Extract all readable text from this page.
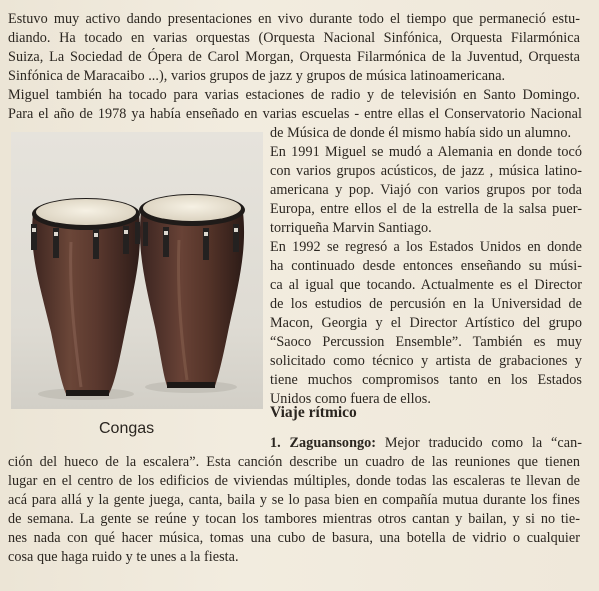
Estuvo muy activo dando presentaciones en vivo durante todo el tiempo que permaneció estu-
diando. Ha tocado en varias orquestas (Orquesta Nacional Sinfónica, Orquesta Filarmónica
Suiza, La Sociedad de Ópera de Carol Morgan, Orquesta Filarmónica de la Juventud, Orquesta
Sinfónica de Maracaibo ...), varios grupos de jazz y grupos de música latinoamericana.
Miguel también ha tocado para varias estaciones de radio y de televisión en Santo Domingo.
Para el año de 1978 ya había enseñado en varias escuelas - entre ellas el Conservatorio Nacional
de Música de donde él mismo había sido un alumno.
En 1991 Miguel se mudó a Alemania en donde tocó
con varios grupos acústicos, de jazz , música latino-
americana y pop. Viajó con varios grupos por toda
Europa, entre ellos el de la estrella de la salsa puer-
torriqueña Marvin Santiago.
En 1992 se regresó a los Estados Unidos en donde
ha continuado desde entonces enseñando su músi-
ca al igual que tocando. Actualmente es el Director
de los estudios de percusión en la Universidad de
Macon, Georgia y el Director Artístico del grupo
“Saoco Percussion Ensemble”. También es muy
solicitado como técnico y artista de grabaciones y
tiene muchos compromisos tanto en los Estados
Unidos como fuera de ellos.
Congas
Viaje rítmico
1. Zaguansongo: Mejor traducido como la “can-
ción del hueco de la escalera”. Esta canción describe un cuadro de las reuniones que tienen
lugar en el centro de los edificios de viviendas múltiples, donde todas las escaleras te llevan de
acá para allá y la gente juega, canta, baila y se lo pasa bien en compañía mutua durante los fines
de semana. La gente se reúne y tocan los tambores mientras otros cantan y bailan, y si no tie-
nes nada con qué hacer música, tomas una cubo de basura, una botella de vidrio o cualquier
cosa que haga ruido y te unes a la fiesta.
